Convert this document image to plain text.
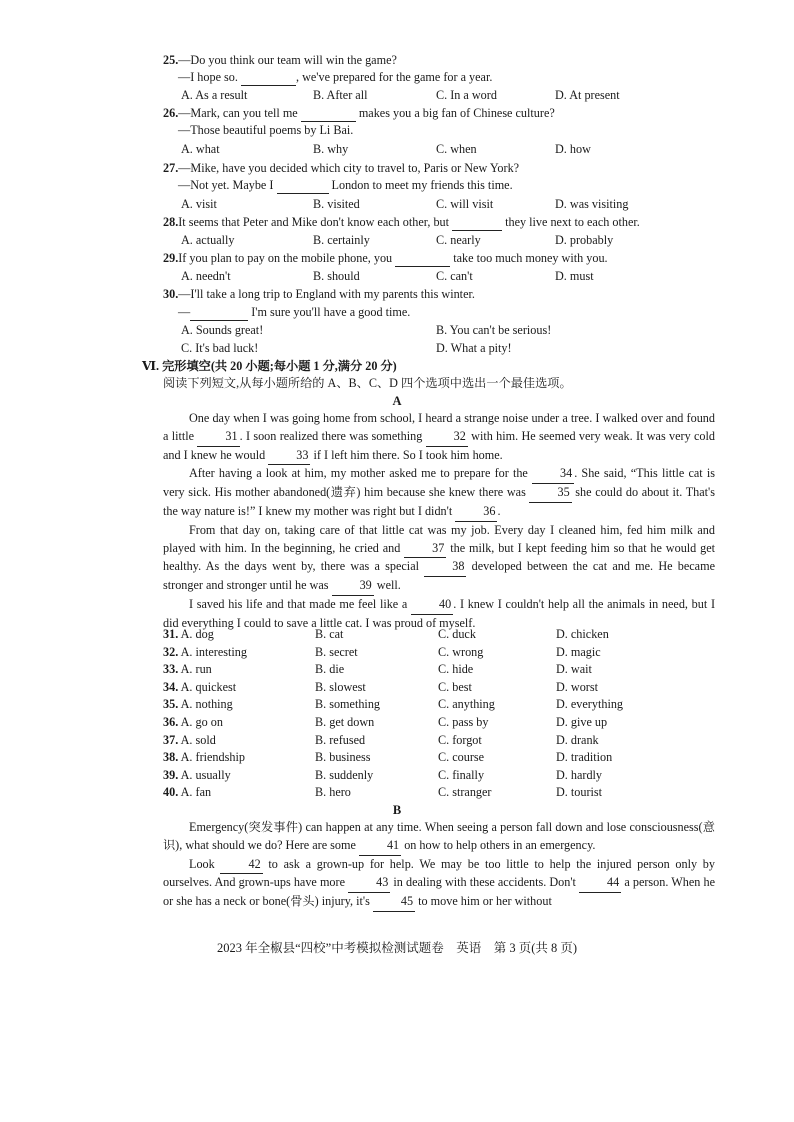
25.—Do you think our team will win the game?
—I hope so.	, we've prepared for the game for a year.
A. As a result	B. After all	C. In a word	D. At present
26.—Mark, can you tell me	makes you a big fan of Chinese culture?
—Those beautiful poems by Li Bai.
A. what	B. why	C. when	D. how
27.—Mike, have you decided which city to travel to, Paris or New York?
—Not yet. Maybe I	London to meet my friends this time.
A. visit	B. visited	C. will visit	D. was visiting
28.It seems that Peter and Mike don't know each other, but	they live next to each other.
A. actually	B. certainly	C. nearly	D. probably
29.If you plan to pay on the mobile phone, you	take too much money with you.
A. needn't	B. should	C. can't	D. must
30.—I'll take a long trip to England with my parents this winter.
—	I'm sure you'll have a good time.
A. Sounds great!	B. You can't be serious!
C. It's bad luck!	D. What a pity!
Ⅵ. 完形填空(共 20 小题;每小题 1 分,满分 20 分)
阅读下列短文,从每小题所给的 A、B、C、D 四个选项中选出一个最佳选项。
A

One day when I was going home from school, I heard a strange noise under a tree. I walked over and found a little 31 . I soon realized there was something 32 with him. He seemed very weak. It was very cold and I knew he would 33 if I left him there. So I took him home.

After having a look at him, my mother asked me to prepare for the 34 . She said, “This little cat is very sick. His mother abandoned(遗弃) him because she knew there was 35 she could do about it. That's the way nature is!” I knew my mother was right but I didn't 36 .

From that day on, taking care of that little cat was my job. Every day I cleaned him, fed him milk and played with him. In the beginning, he cried and 37 the milk, but I kept feeding him so that he would get healthy. As the days went by, there was a special 38 developed between the cat and me. He became stronger and stronger until he was 39 well.

I saved his life and that made me feel like a 40 . I knew I couldn't help all the animals in need, but I did everything I could to save a little cat. I was proud of myself.

31. A. dog	B. cat	C. duck	D. chicken
32. A. interesting	B. secret	C. wrong	D. magic
33. A. run	B. die	C. hide	D. wait
34. A. quickest	B. slowest	C. best	D. worst
35. A. nothing	B. something	C. anything	D. everything
36. A. go on	B. get down	C. pass by	D. give up
37. A. sold	B. refused	C. forgot	D. drank
38. A. friendship	B. business	C. course	D. tradition
39. A. usually	B. suddenly	C. finally	D. hardly
40. A. fan	B. hero	C. stranger	D. tourist
B

Emergency(突发事件) can happen at any time. When seeing a person fall down and lose consciousness(意识), what should we do? Here are some 41 on how to help others in an emergency.

Look 42 to ask a grown-up for help. We may be too little to help the injured person only by ourselves. And grown-ups have more 43 in dealing with these accidents. Don't 44 a person. When he or she has a neck or bone(骨头) injury, it's 45 to move him or her without

2023 年全椒县“四校”中考模拟检测试题卷　英语　第 3 页(共 8 页)
